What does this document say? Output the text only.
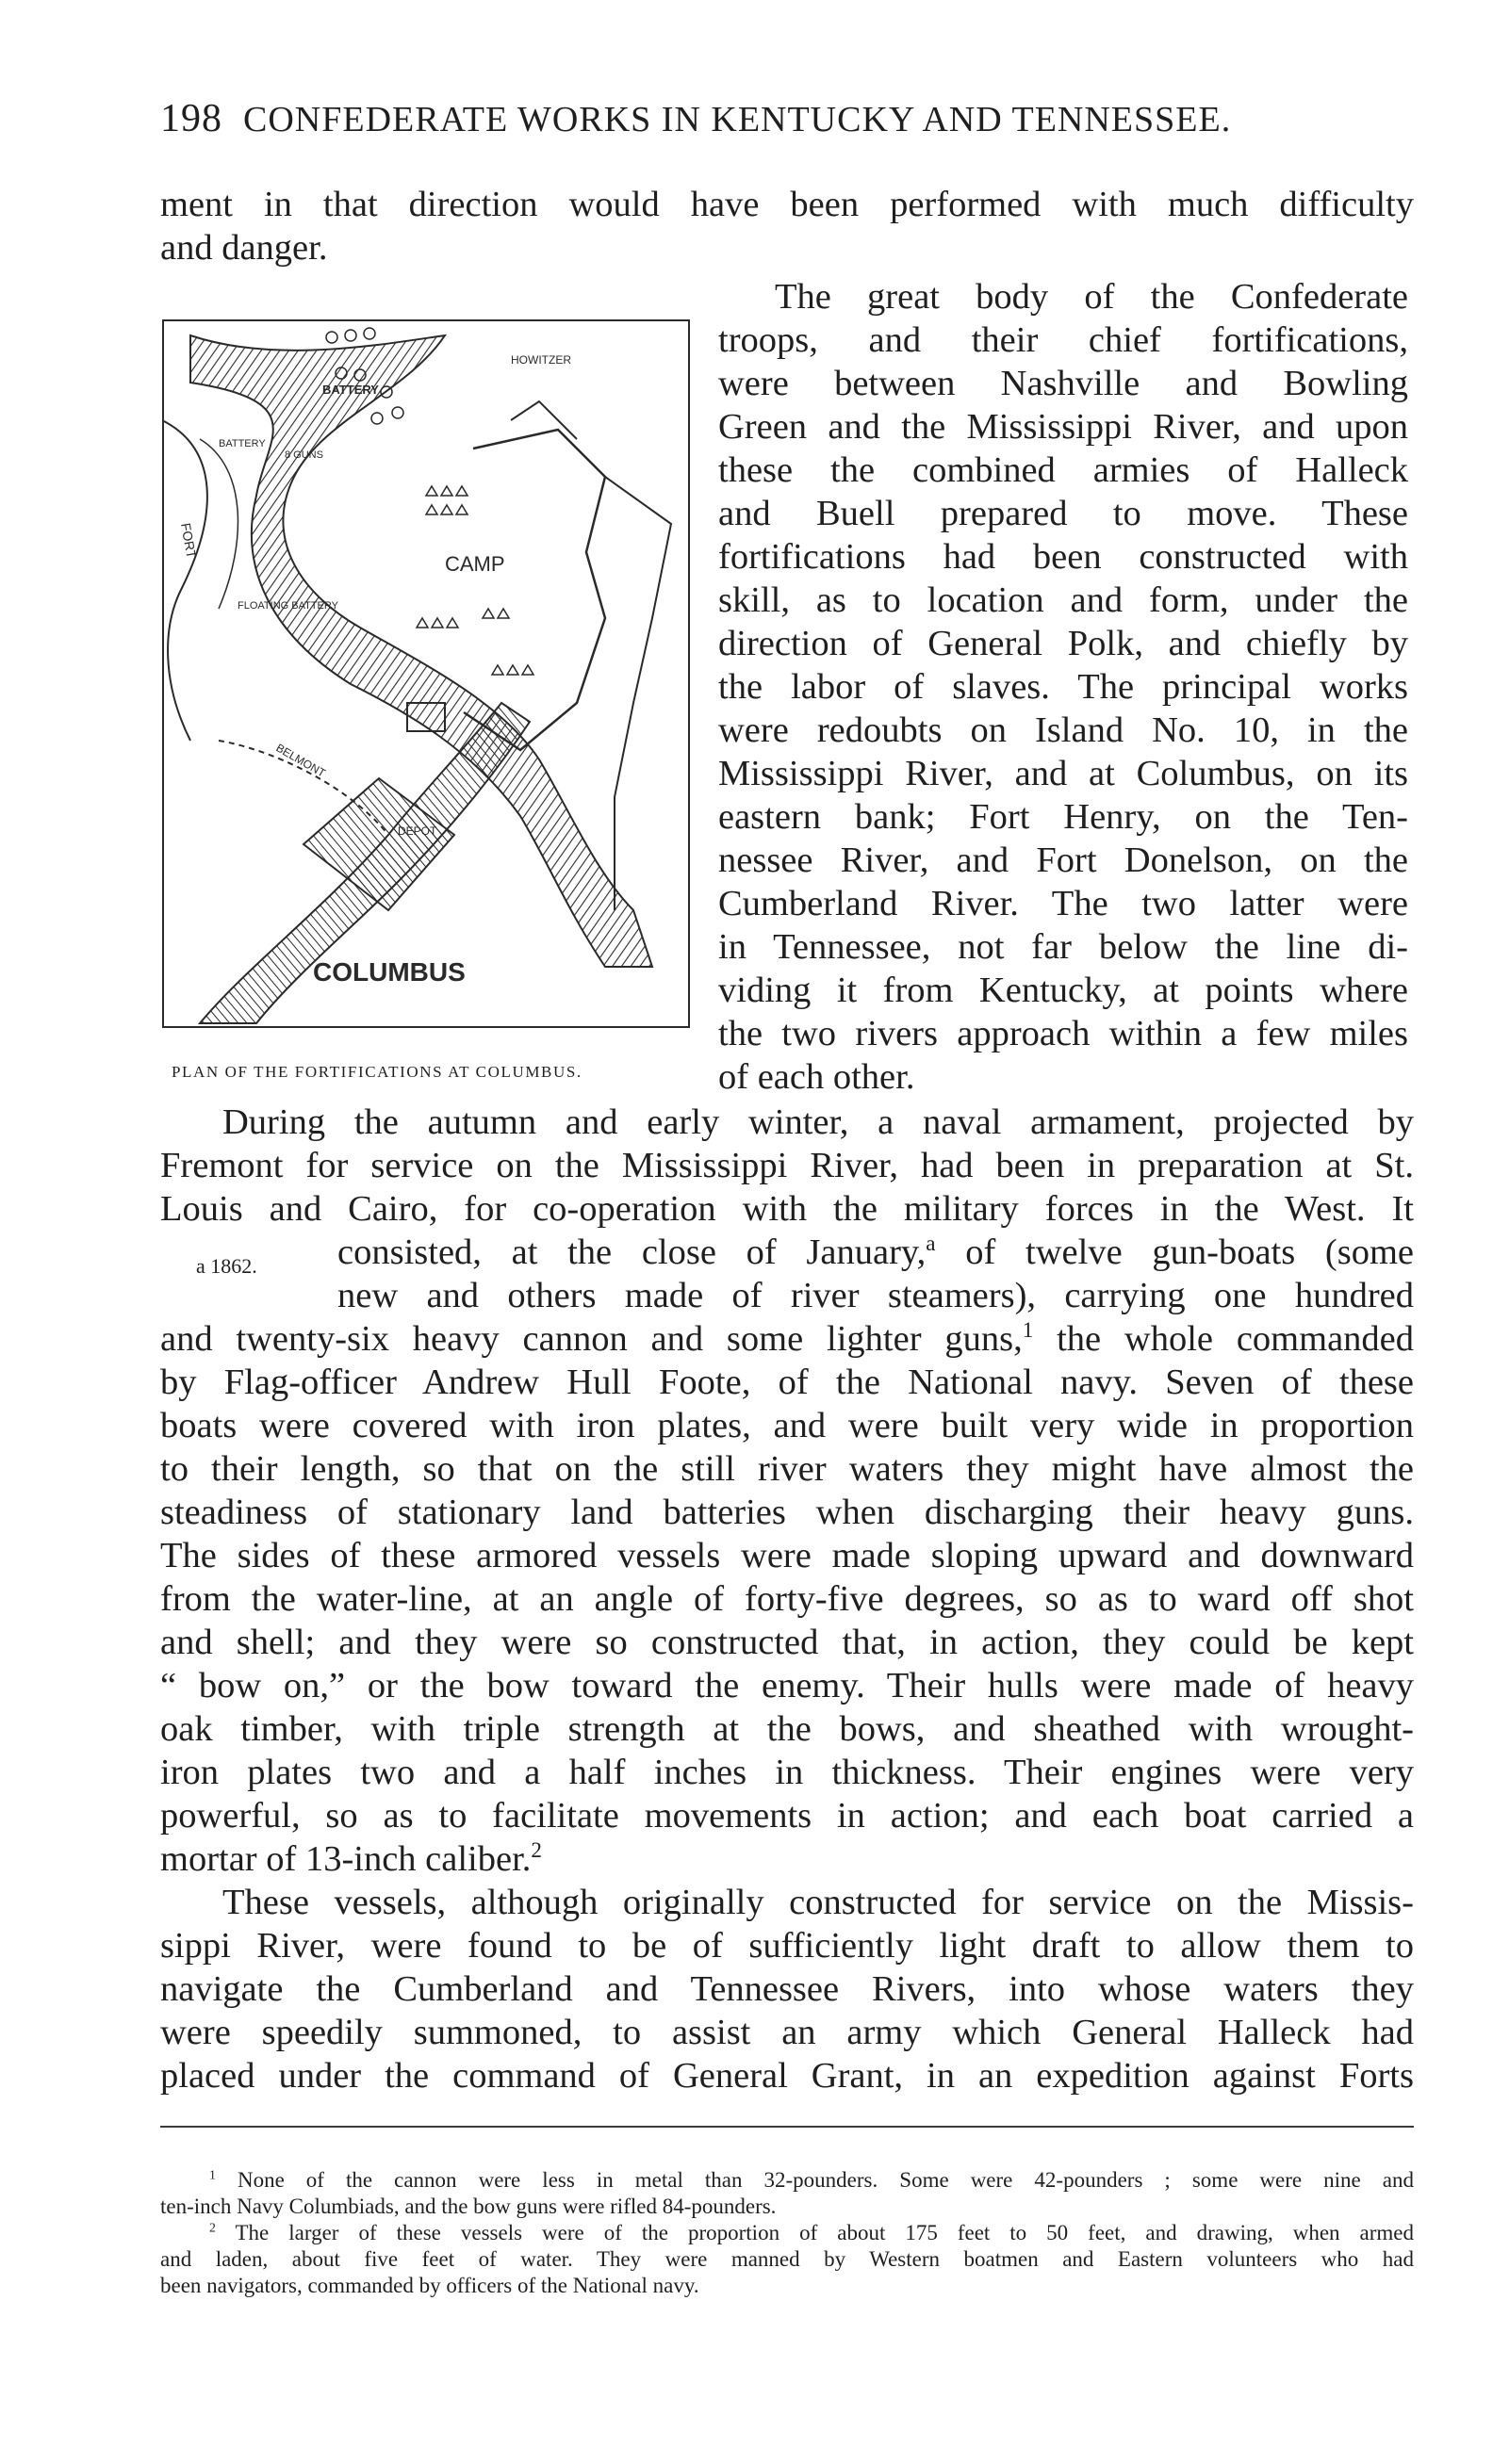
198 CONFEDERATE WORKS IN KENTUCKY AND TENNESSEE.
ment in that direction would have been performed with much difficulty
and danger.
The great body of the Confederate
troops, and their chief fortifications,
were between Nashville and Bowling
Green and the Mississippi River, and upon
these the combined armies of Halleck
and Buell prepared to move. These
fortifications had been constructed with
skill, as to location and form, under the
direction of General Polk, and chiefly by
the labor of slaves. The principal works
were redoubts on Island No. 10, in the
Mississippi River, and at Columbus, on its
eastern bank; Fort Henry, on the Ten-
nessee River, and Fort Donelson, on the
Cumberland River. The two latter were
in Tennessee, not far below the line di-
viding it from Kentucky, at points where
the two rivers approach within a few miles
of each other.
COLUMBUS
CAMP
HOWITZER
BATTERY
BATTERY
8 GUNS
FLOATING BATTERY
BELMONT
DEPOT
FORT
PLAN OF THE FORTIFICATIONS AT COLUMBUS.
During the autumn and early winter, a naval armament, projected by
Fremont for service on the Mississippi River, had been in preparation at St.
Louis and Cairo, for co-operation with the military forces in the West. It
a 1862. consisted, at the close of January,$^a$ of twelve gun-boats (some
new and others made of river steamers), carrying one hundred
and twenty-six heavy cannon and some lighter guns,$^1$ the whole commanded
by Flag-officer Andrew Hull Foote, of the National navy. Seven of these
boats were covered with iron plates, and were built very wide in proportion
to their length, so that on the still river waters they might have almost the
steadiness of stationary land batteries when discharging their heavy guns.
The sides of these armored vessels were made sloping upward and downward
from the water-line, at an angle of forty-five degrees, so as to ward off shot
and shell; and they were so constructed that, in action, they could be kept
“ bow on,” or the bow toward the enemy. Their hulls were made of heavy
oak timber, with triple strength at the bows, and sheathed with wrought-
iron plates two and a half inches in thickness. Their engines were very
powerful, so as to facilitate movements in action; and each boat carried a
mortar of 13-inch caliber.$^2$
These vessels, although originally constructed for service on the Missis-
sippi River, were found to be of sufficiently light draft to allow them to
navigate the Cumberland and Tennessee Rivers, into whose waters they
were speedily summoned, to assist an army which General Halleck had
placed under the command of General Grant, in an expedition against Forts
$^1$ None of the cannon were less in metal than 32-pounders. Some were 42-pounders ; some were nine and
ten-inch Navy Columbiads, and the bow guns were rifled 84-pounders.
$^2$ The larger of these vessels were of the proportion of about 175 feet to 50 feet, and drawing, when armed
and laden, about five feet of water. They were manned by Western boatmen and Eastern volunteers who had
been navigators, commanded by officers of the National navy.
